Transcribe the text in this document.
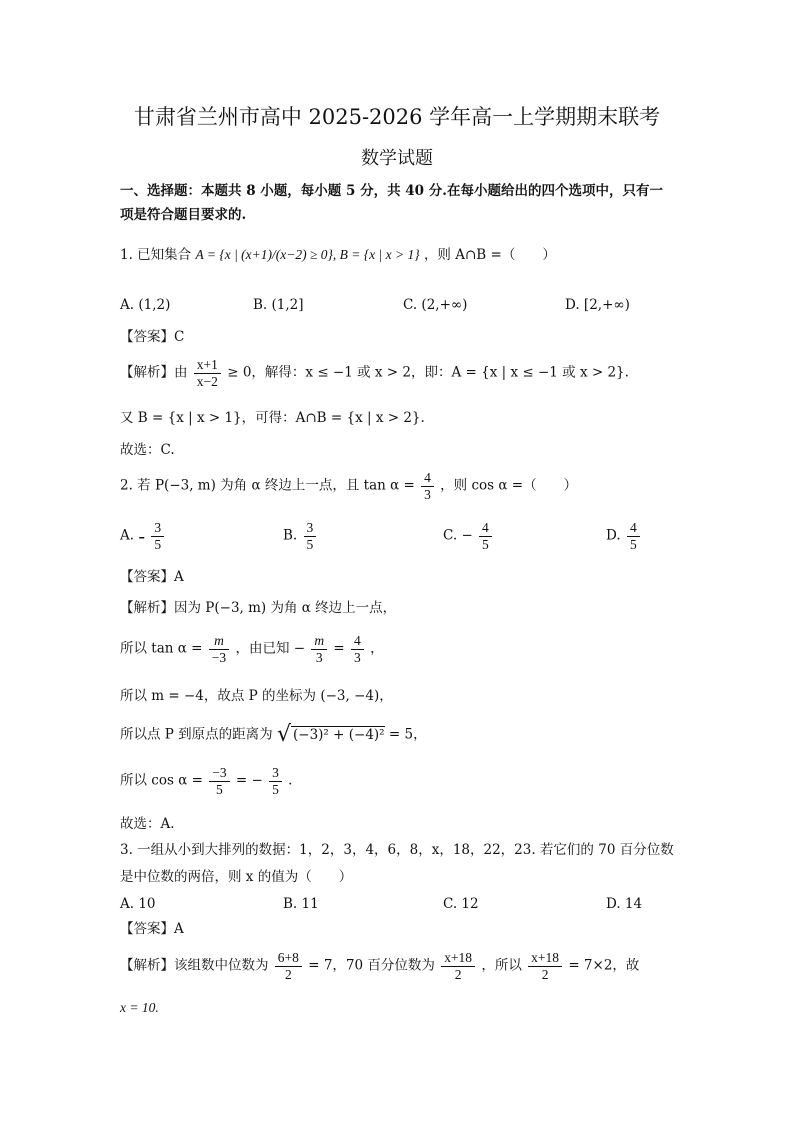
甘肃省兰州市高中 2025-2026 学年高一上学期期末联考
数学试题
一、选择题：本题共 8 小题，每小题 5 分，共 40 分.在每小题给出的四个选项中，只有一
项是符合题目要求的.
1. 已知集合 A = {x | (x+1)/(x−2) ≥ 0}, B = {x | x > 1} ，则 A∩B =（　　）
A. (1,2)	B. (1,2]	C. (2,+∞)	D. [2,+∞)
【答案】C
【解析】由 $\frac{x+1}{x-2} \ge 0$，解得：x ≤ −1 或 x > 2，即：A = {x | x ≤ −1 或 x > 2}.
又 B = {x | x > 1}，可得：A∩B = {x | x > 2}.
故选：C.
2. 若 P(−3, m) 为角 α 终边上一点，且 $\tan \alpha = \frac{4}{3}$ ，则 cos α =（　　）
A. - $\frac{3}{5}$	B. $\frac{3}{5}$	C. − $\frac{4}{5}$	D. $\frac{4}{5}$
【答案】A
【解析】因为 P(−3, m) 为角 α 终边上一点，
所以 $\tan \alpha = \frac{m}{-3}$ ，由已知 − $\frac{m}{3} = \frac{4}{3}$ ，
所以 m = −4，故点 P 的坐标为 (−3, −4)，
所以点 P 到原点的距离为 √ (−3)² + (−4)² = 5，
所以 $\cos \alpha = \frac{-3}{5}$ = − $\frac{3}{5}$ .
故选：A.
3. 一组从小到大排列的数据：1，2，3，4，6，8，x，18，22，23. 若它们的 70 百分位数
是中位数的两倍，则 x 的值为（　　）
A. 10	B. 11	C. 12	D. 14
【答案】A
【解析】该组数中位数为 $\frac{6+8}{2} = 7$，70 百分位数为 $\frac{x+18}{2}$ ，所以 $\frac{x+18}{2} = 7\times 2$，故
x = 10.
